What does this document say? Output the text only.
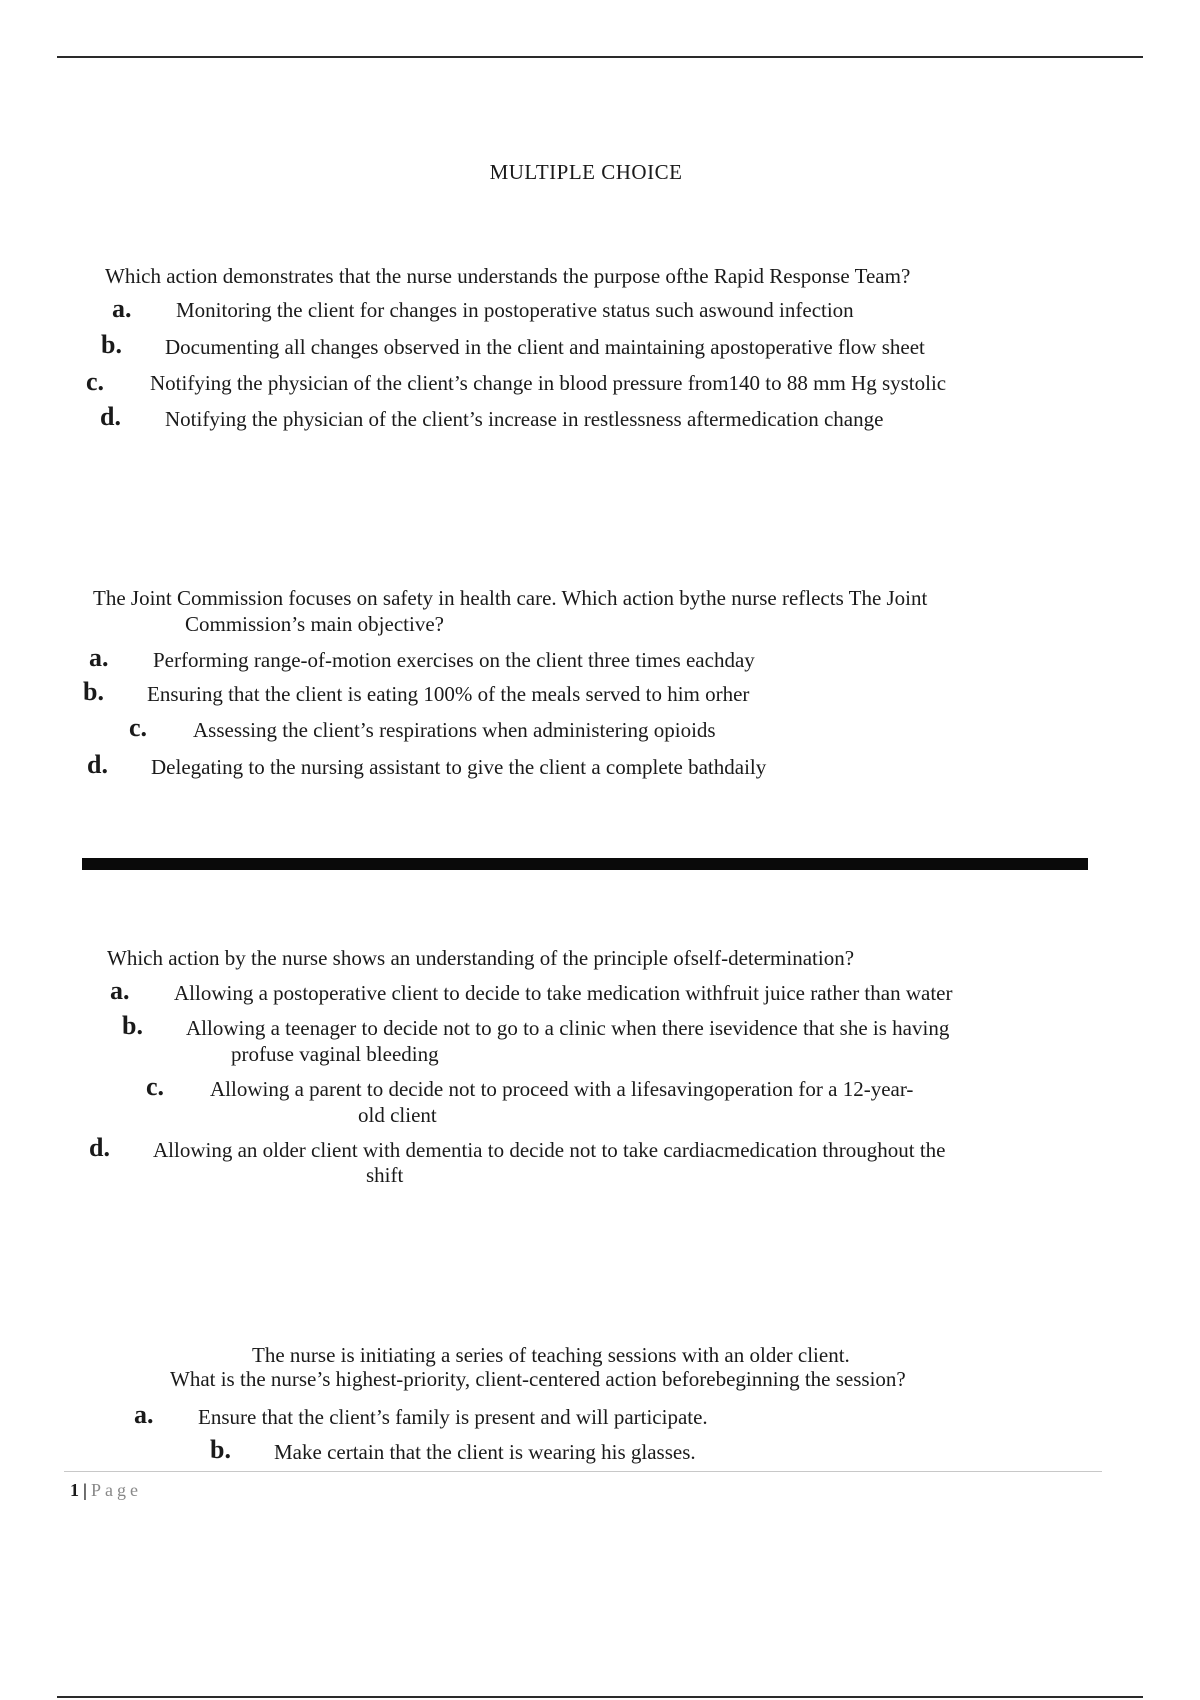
MULTIPLE CHOICE
Which action demonstrates that the nurse understands the purpose ofthe Rapid Response Team?
a. Monitoring the client for changes in postoperative status such aswound infection
b. Documenting all changes observed in the client and maintaining apostoperative flow sheet
c. Notifying the physician of the client’s change in blood pressure from140 to 88 mm Hg systolic
d. Notifying the physician of the client’s increase in restlessness aftermedication change
The Joint Commission focuses on safety in health care. Which action bythe nurse reflects The Joint
Commission’s main objective?
a. Performing range-of-motion exercises on the client three times eachday
b. Ensuring that the client is eating 100% of the meals served to him orher
c. Assessing the client’s respirations when administering opioids
d. Delegating to the nursing assistant to give the client a complete bathdaily
Which action by the nurse shows an understanding of the principle ofself-determination?
a. Allowing a postoperative client to decide to take medication withfruit juice rather than water
b. Allowing a teenager to decide not to go to a clinic when there isevidence that she is having
profuse vaginal bleeding
c. Allowing a parent to decide not to proceed with a lifesavingoperation for a 12-year-
old client
d. Allowing an older client with dementia to decide not to take cardiacmedication throughout the
shift
The nurse is initiating a series of teaching sessions with an older client.
What is the nurse’s highest-priority, client-centered action beforebeginning the session?
a. Ensure that the client’s family is present and will participate.
b. Make certain that the client is wearing his glasses.
1 | Page
